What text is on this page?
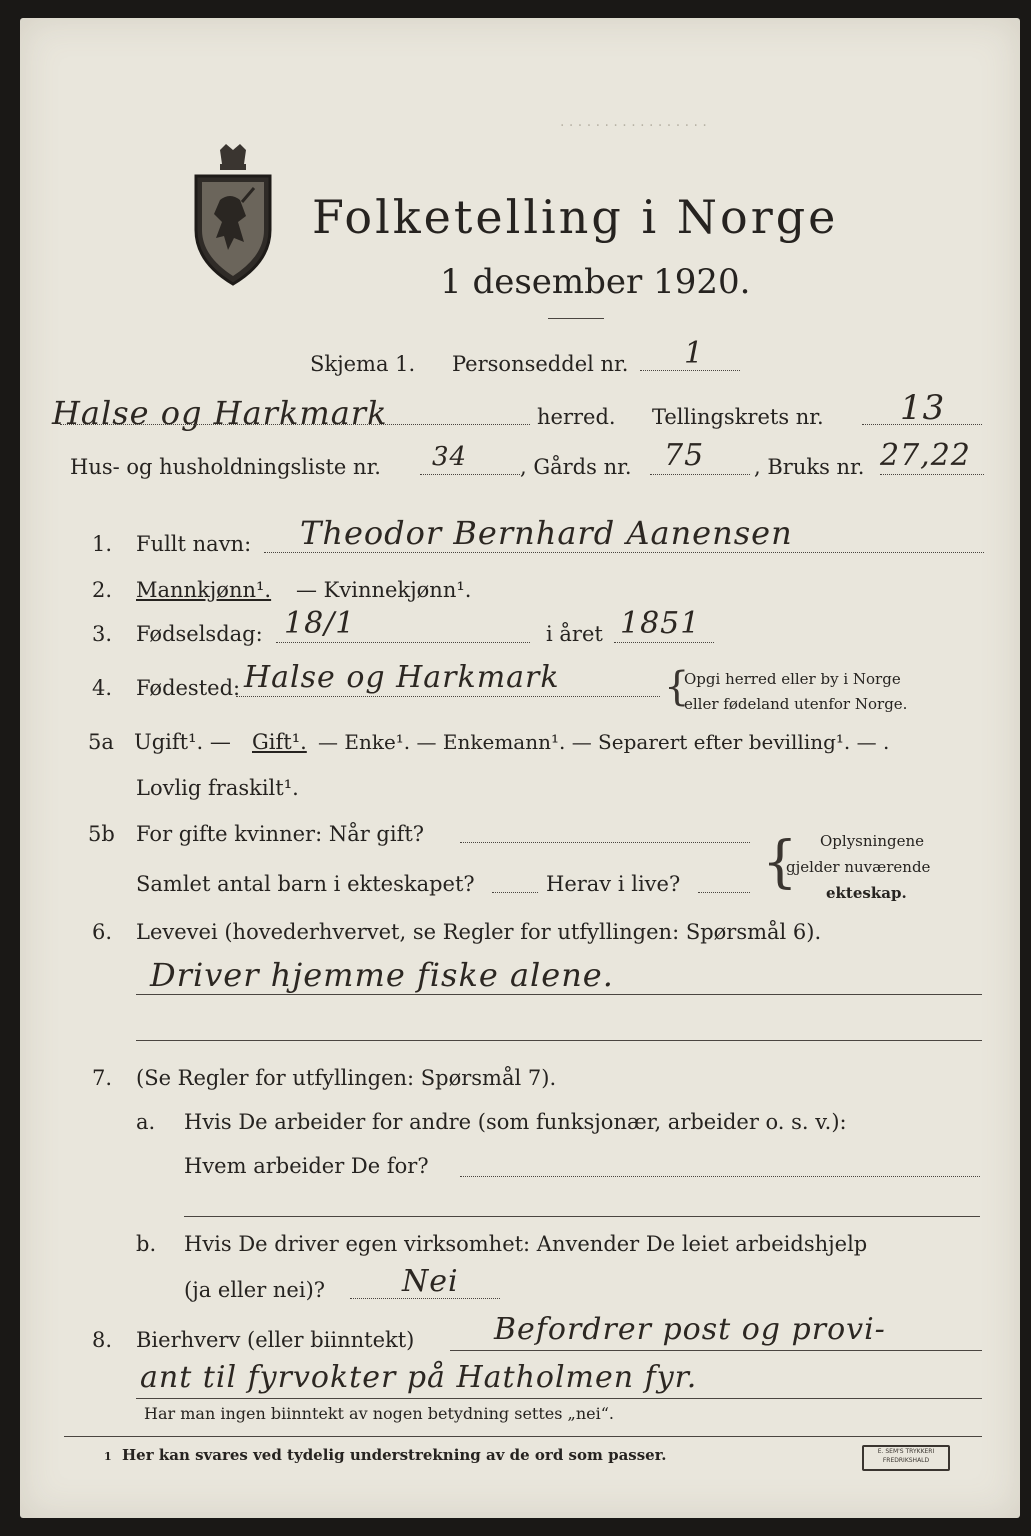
· · · · · · · · · · · · · · · · ·
Folketelling i Norge
1 desember 1920.
Skjema 1. Personseddel nr. 1
Halse og Harkmark	herred. Tellingskrets nr. 13
Hus- og husholdningsliste nr. 34	, Gårds nr. 75 , Bruks nr. 27,22
1. Fullt navn: Theodor Bernhard Aanensen
2. Mannkjønn¹. — Kvinnekjønn¹.
3. Fødselsdag: 18/1	i året 1851
4. Fødested: Halse og Harkmark	{
Opgi herred eller by i Norge
eller fødeland utenfor Norge.
5a Ugift¹. — Gift¹. — Enke¹. — Enkemann¹. — Separert efter bevilling¹. — .
Lovlig fraskilt¹.
5b For gifte kvinner: Når gift?
Samlet antal barn i ekteskapet?	Herav i live? { Oplysningene
gjelder nuværende
ekteskap.
6. Levevei (hovederhvervet, se Regler for utfyllingen: Spørsmål 6).
Driver hjemme fiske alene.
7. (Se Regler for utfyllingen: Spørsmål 7).
a. Hvis De arbeider for andre (som funksjonær, arbeider o. s. v.):
Hvem arbeider De for?
b. Hvis De driver egen virksomhet: Anvender De leiet arbeidshjelp
(ja eller nei)?	Nei
8. Bierhverv (eller biinntekt)	Befordrer post og provi-
ant til fyrvokter på Hatholmen fyr.
Har man ingen biinntekt av nogen betydning settes „nei“.
1 Her kan svares ved tydelig understrekning av de ord som passer.	E. SEM'S TRYKKERI
FREDRIKSHALD
